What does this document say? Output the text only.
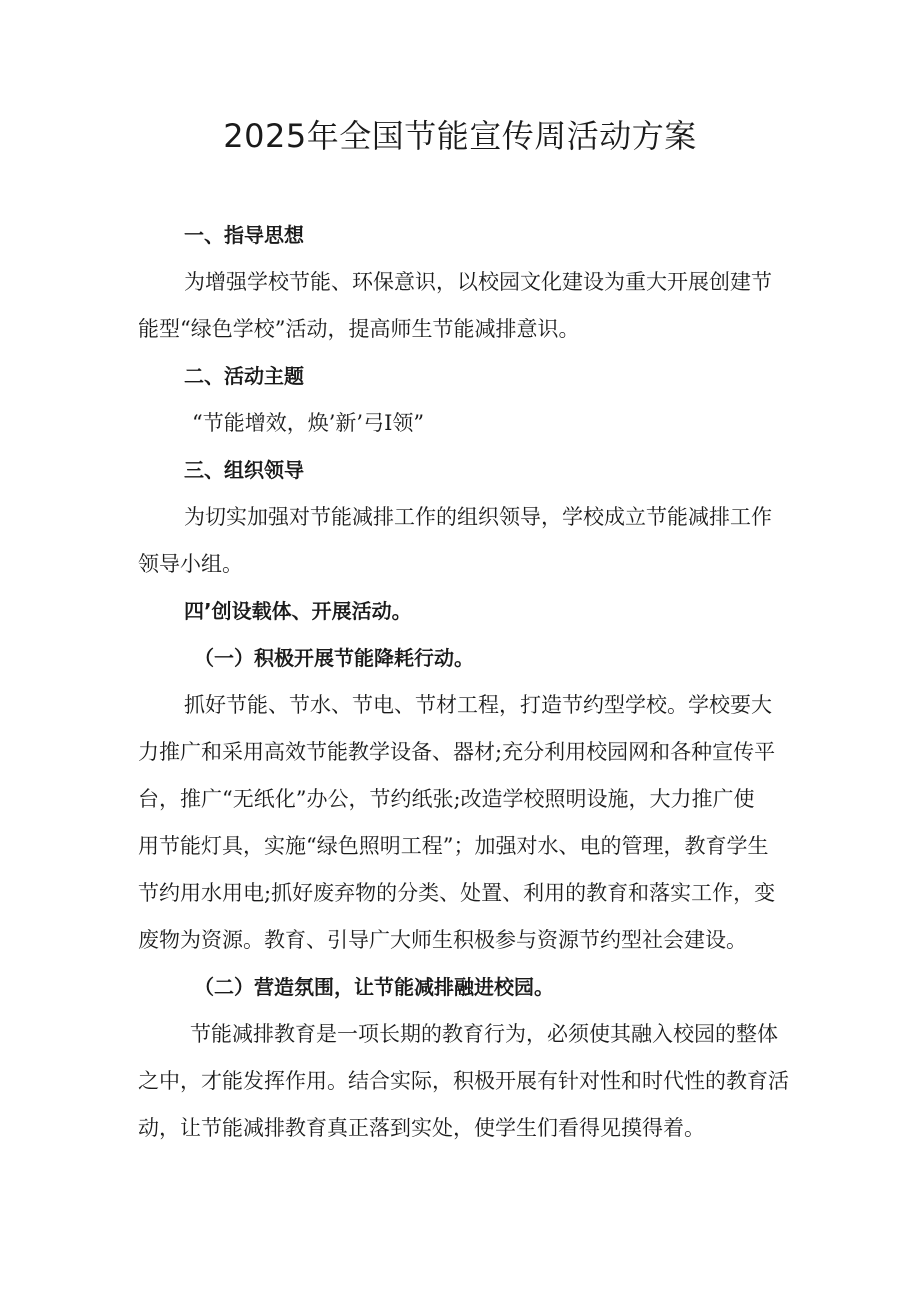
2025年全国节能宣传周活动方案

一、指导思想

为增强学校节能、环保意识，以校园文化建设为重大开展创建节

能型“绿色学校”活动，提高师生节能减排意识。

二、活动主题

“节能增效，焕’新’弓I领”

三、组织领导

为切实加强对节能减排工作的组织领导，学校成立节能减排工作

领导小组。

四’创设载体、开展活动。

（一）积极开展节能降耗行动。

抓好节能、节水、节电、节材工程，打造节约型学校。学校要大

力推广和采用高效节能教学设备、器材;充分利用校园网和各种宣传平

台，推广“无纸化”办公，节约纸张;改造学校照明设施，大力推广使

用节能灯具，实施“绿色照明工程”；加强对水、电的管理，教育学生

节约用水用电;抓好废弃物的分类、处置、利用的教育和落实工作，变

废物为资源。教育、引导广大师生积极参与资源节约型社会建设。

（二）营造氛围，让节能减排融进校园。

节能减排教育是一项长期的教育行为，必须使其融入校园的整体

之中，才能发挥作用。结合实际，积极开展有针对性和时代性的教育活

动，让节能减排教育真正落到实处，使学生们看得见摸得着。
